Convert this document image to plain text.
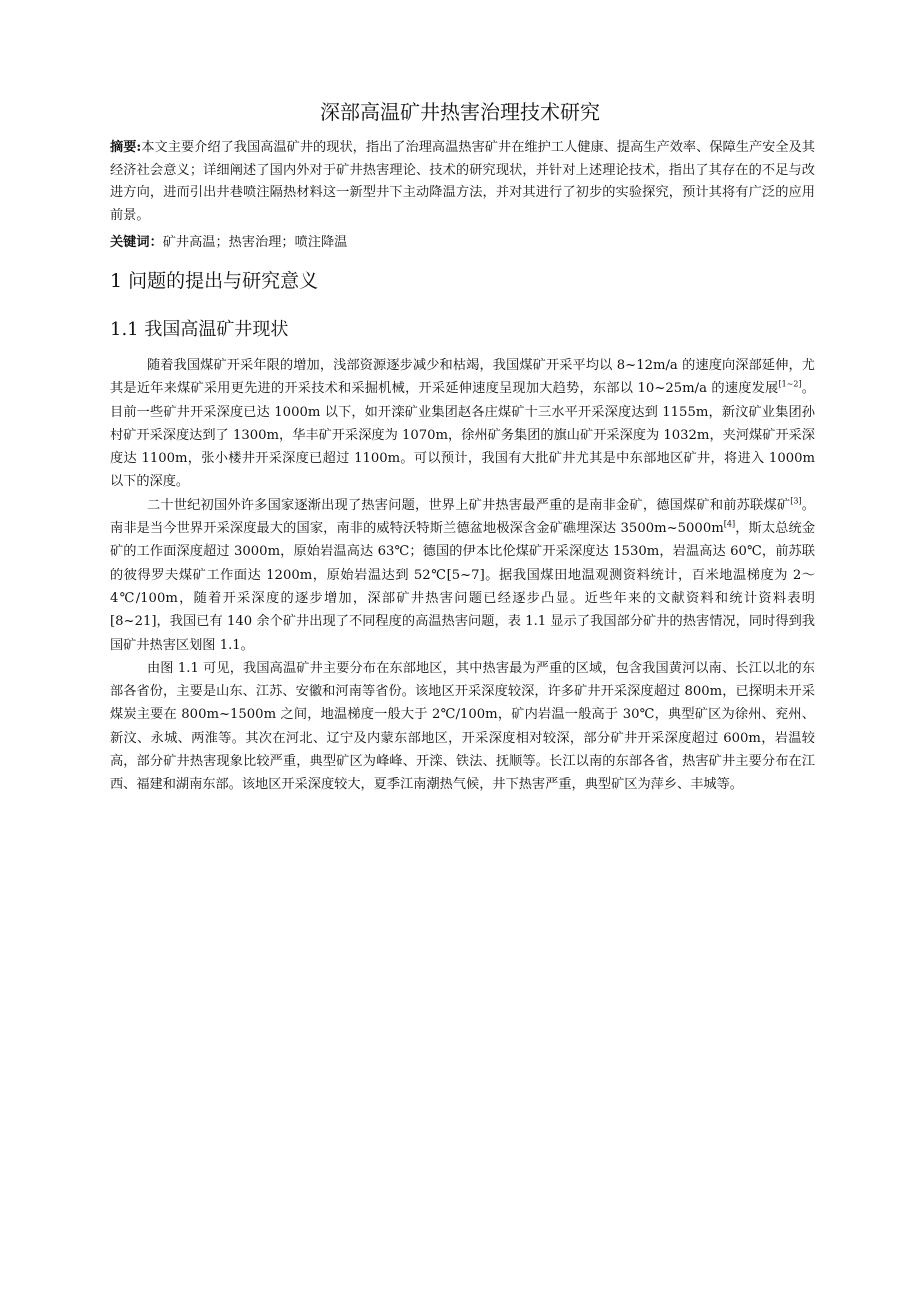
深部高温矿井热害治理技术研究
摘要:本文主要介绍了我国高温矿井的现状，指出了治理高温热害矿井在维护工人健康、提高生产效率、保障生产安全及其经济社会意义；详细阐述了国内外对于矿井热害理论、技术的研究现状，并针对上述理论技术，指出了其存在的不足与改进方向，进而引出井巷喷注隔热材料这一新型井下主动降温方法，并对其进行了初步的实验探究，预计其将有广泛的应用前景。
关键词：矿井高温；热害治理；喷注降温
1 问题的提出与研究意义
1.1 我国高温矿井现状

随着我国煤矿开采年限的增加，浅部资源逐步减少和枯竭，我国煤矿开采平均以 8~12m/a 的速度向深部延伸，尤其是近年来煤矿采用更先进的开采技术和采掘机械，开采延伸速度呈现加大趋势，东部以 10~25m/a 的速度发展[1~2]。目前一些矿井开采深度已达 1000m 以下，如开滦矿业集团赵各庄煤矿十三水平开采深度达到 1155m，新汶矿业集团孙村矿开采深度达到了 1300m，华丰矿开采深度为 1070m，徐州矿务集团的旗山矿开采深度为 1032m，夹河煤矿开采深度达 1100m，张小楼井开采深度已超过 1100m。可以预计，我国有大批矿井尤其是中东部地区矿井，将进入 1000m 以下的深度。

二十世纪初国外许多国家逐渐出现了热害问题，世界上矿井热害最严重的是南非金矿，德国煤矿和前苏联煤矿[3]。南非是当今世界开采深度最大的国家，南非的威特沃特斯兰德盆地极深含金矿礁埋深达 3500m~5000m[4]，斯太总统金矿的工作面深度超过 3000m，原始岩温高达 63℃；德国的伊本比伦煤矿开采深度达 1530m，岩温高达 60℃，前苏联的彼得罗夫煤矿工作面达 1200m，原始岩温达到 52℃[5~7]。据我国煤田地温观测资料统计，百米地温梯度为 2～4℃/100m，随着开采深度的逐步增加，深部矿井热害问题已经逐步凸显。近些年来的文献资料和统计资料表明[8~21]，我国已有 140 余个矿井出现了不同程度的高温热害问题，表 1.1 显示了我国部分矿井的热害情况，同时得到我国矿井热害区划图 1.1。

由图 1.1 可见，我国高温矿井主要分布在东部地区，其中热害最为严重的区域，包含我国黄河以南、长江以北的东部各省份，主要是山东、江苏、安徽和河南等省份。该地区开采深度较深，许多矿井开采深度超过 800m，已探明未开采煤炭主要在 800m~1500m 之间，地温梯度一般大于 2℃/100m，矿内岩温一般高于 30℃，典型矿区为徐州、兖州、新汶、永城、两淮等。其次在河北、辽宁及内蒙东部地区，开采深度相对较深，部分矿井开采深度超过 600m，岩温较高，部分矿井热害现象比较严重，典型矿区为峰峰、开滦、铁法、抚顺等。长江以南的东部各省，热害矿井主要分布在江西、福建和湖南东部。该地区开采深度较大，夏季江南潮热气候，井下热害严重，典型矿区为萍乡、丰城等。
